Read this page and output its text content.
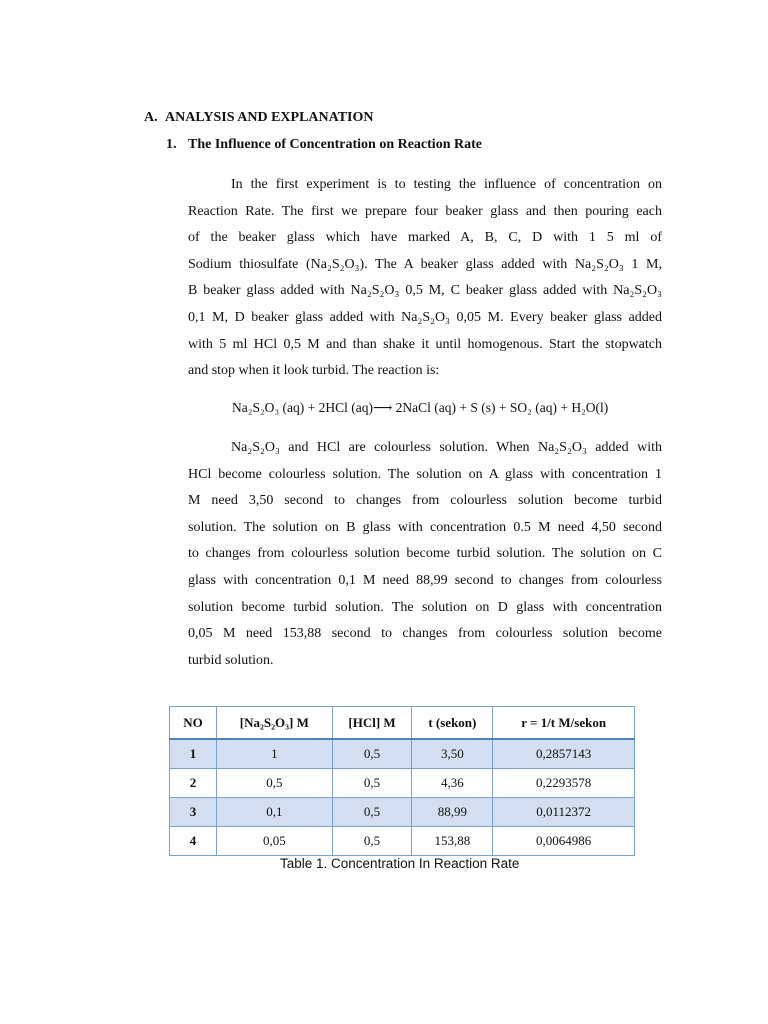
A. ANALYSIS AND EXPLANATION
1. The Influence of Concentration on Reaction Rate
In the first experiment is to testing the influence of concentration on
Reaction Rate. The first we prepare four beaker glass and then pouring each
of the beaker glass which have marked A, B, C, D with 1 5 ml of
Sodium thiosulfate (Na₂S₂O₃). The A beaker glass added with Na₂S₂O₃ 1 M,
B beaker glass added with Na₂S₂O₃ 0,5 M, C beaker glass added with Na₂S₂O₃
0,1 M, D beaker glass added with Na₂S₂O₃ 0,05 M. Every beaker glass added
with 5 ml HCl 0,5 M and than shake it until homogenous. Start the stopwatch
and stop when it look turbid. The reaction is:
Na₂S₂O₃ (aq) + 2HCl (aq)⟶ 2NaCl (aq) + S (s) + SO₂ (aq) + H₂O(l)
Na₂S₂O₃ and HCl are colourless solution. When Na₂S₂O₃ added with
HCl become colourless solution. The solution on A glass with concentration 1
M need 3,50 second to changes from colourless solution become turbid
solution. The solution on B glass with concentration 0.5 M need 4,50 second
to changes from colourless solution become turbid solution. The solution on C
glass with concentration 0,1 M need 88,99 second to changes from colourless
solution become turbid solution. The solution on D glass with concentration
0,05 M need 153,88 second to changes from colourless solution become
turbid solution.
NO	[Na₂S₂O₃] M	[HCl] M	t (sekon)	r = 1/t M/sekon
1	1	0,5	3,50	0,2857143
2	0,5	0,5	4,36	0,2293578
3	0,1	0,5	88,99	0,0112372
4	0,05	0,5	153,88	0,0064986
Table 1. Concentration In Reaction Rate
